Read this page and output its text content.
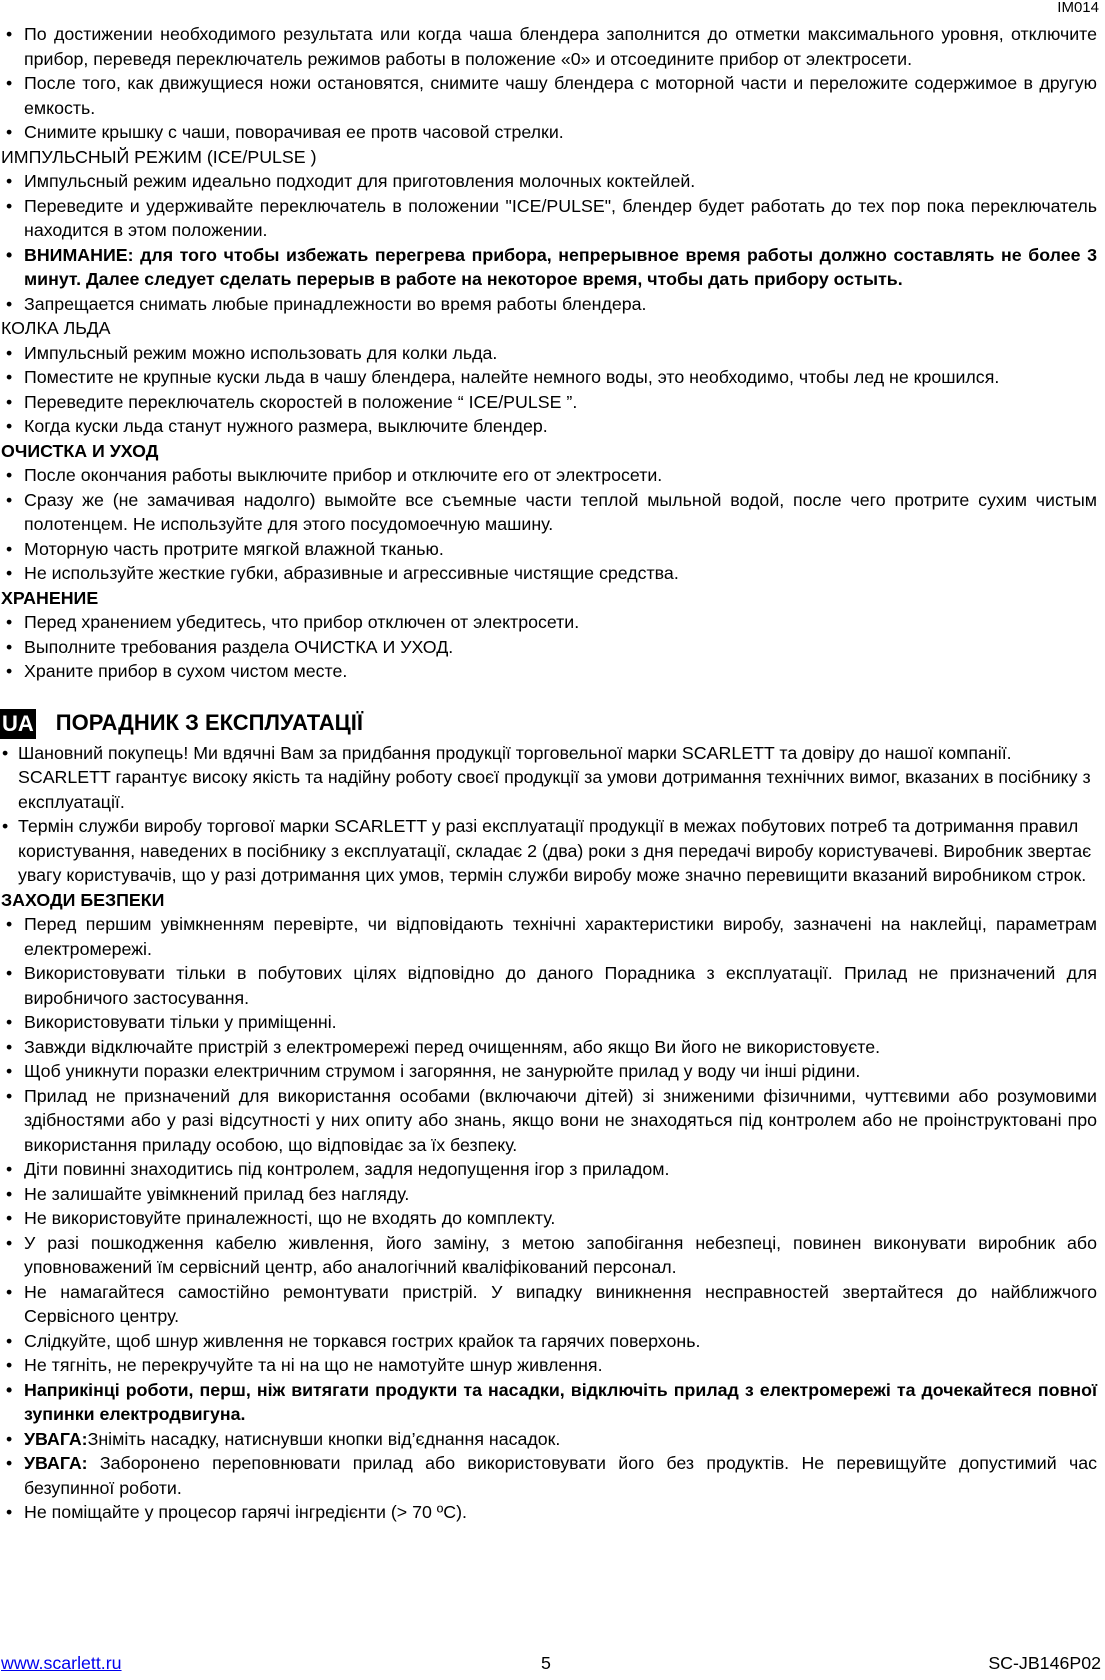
IM014
• По достижении необходимого результата или когда чаша блендера заполнится до отметки максимального уровня, отключите прибор, переведя переключатель режимов работы в положение «0» и отсоедините прибор от электросети.
• После того, как движущиеся ножи остановятся, снимите чашу блендера с моторной части и переложите содержимое в другую емкость.
• Снимите крышку с чаши, поворачивая ее протв часовой стрелки.

ИМПУЛЬСНЫЙ РЕЖИМ (ICE/PULSE )

• Импульсный режим идеально подходит для приготовления молочных коктейлей.
• Переведите и удерживайте переключатель в положении "ICE/PULSE", блендер будет работать до тех пор пока переключатель находится в этом положении.
• ВНИМАНИЕ: для того чтобы избежать перегрева прибора, непрерывное время работы должно составлять не более 3 минут. Далее следует сделать перерыв в работе на некоторое время, чтобы дать прибору остыть.
• Запрещается снимать любые принадлежности во время работы блендера.

КОЛКА ЛЬДА

• Импульсный режим можно использовать для колки льда.
• Поместите не крупные куски льда в чашу блендера, налейте немного воды, это необходимо, чтобы лед не крошился.
• Переведите переключатель скоростей в положение “ ICE/PULSE ”.
• Когда куски льда станут нужного размера, выключите блендер.

ОЧИСТКА И УХОД

• После окончания работы выключите прибор и отключите его от электросети.
• Сразу же (не замачивая надолго) вымойте все съемные части теплой мыльной водой, после чего протрите сухим чистым полотенцем. Не используйте для этого посудомоечную машину.
• Моторную часть протрите мягкой влажной тканью.
• Не используйте жесткие губки, абразивные и агрессивные чистящие средства.

ХРАНЕНИЕ

• Перед хранением убедитесь, что прибор отключен от электросети.
• Выполните требования раздела ОЧИСТКА И УХОД.
• Храните прибор в сухом чистом месте.
UA ПОРАДНИК З ЕКСПЛУАТАЦІЇ
• Шановний покупець! Ми вдячні Вам за придбання продукції торговельної марки SCARLETT та довіру до нашої компанії. SCARLETT гарантує високу якість та надійну роботу своєї продукції за умови дотримання технічних вимог, вказаних в посібнику з експлуатації.
• Термін служби виробу торгової марки SCARLETT у разі експлуатації продукції в межах побутових потреб та дотримання правил користування, наведених в посібнику з експлуатації, складає 2 (два) роки з дня передачі виробу користувачеві. Виробник звертає увагу користувачів, що у разі дотримання цих умов, термін служби виробу може значно перевищити вказаний виробником строк.

ЗАХОДИ БЕЗПЕКИ

• Перед першим увімкненням перевірте, чи відповідають технічні характеристики виробу, зазначені на наклейці, параметрам електромережі.
• Використовувати тільки в побутових цілях відповідно до даного Порадника з експлуатації. Прилад не призначений для виробничого застосування.
• Використовувати тільки у приміщенні.
• Завжди відключайте пристрій з електромережі перед очищенням, або якщо Ви його не використовуєте.
• Щоб уникнути поразки електричним струмом і загоряння, не занурюйте прилад у воду чи інші рідини.
• Прилад не призначений для використання особами (включаючи дітей) зі зниженими фізичними, чуттєвими або розумовими здібностями або у разі відсутності у них опиту або знань, якщо вони не знаходяться під контролем або не проінструктовані про використання приладу особою, що відповідає за їх безпеку.
• Діти повинні знаходитись під контролем, задля недопущення ігор з приладом.
• Не залишайте увімкнений прилад без нагляду.
• Не використовуйте приналежності, що не входять до комплекту.
• У разі пошкодження кабелю живлення, його заміну, з метою запобігання небезпеці, повинен виконувати виробник або уповноважений їм сервісний центр, або аналогічний кваліфікований персонал.
• Не намагайтеся самостійно ремонтувати пристрій. У випадку виникнення несправностей звертайтеся до найближчого Сервісного центру.
• Слідкуйте, щоб шнур живлення не торкався гострих крайок та гарячих поверхонь.
• Не тягніть, не перекручуйте та ні на що не намотуйте шнур живлення.
• Наприкінці роботи, перш, ніж витягати продукти та насадки, відключіть прилад з електромережі та дочекайтеся повної зупинки електродвигуна.
• УВАГА:Зніміть насадку, натиснувши кнопки від’єднання насадок.
• УВАГА: Заборонено переповнювати прилад або використовувати його без продуктів. Не перевищуйте допустимий час безупинної роботи.
• Не поміщайте у процесор гарячі інгредієнти (> 70 ºC).
www.scarlett.ru	5	SC-JB146P02
